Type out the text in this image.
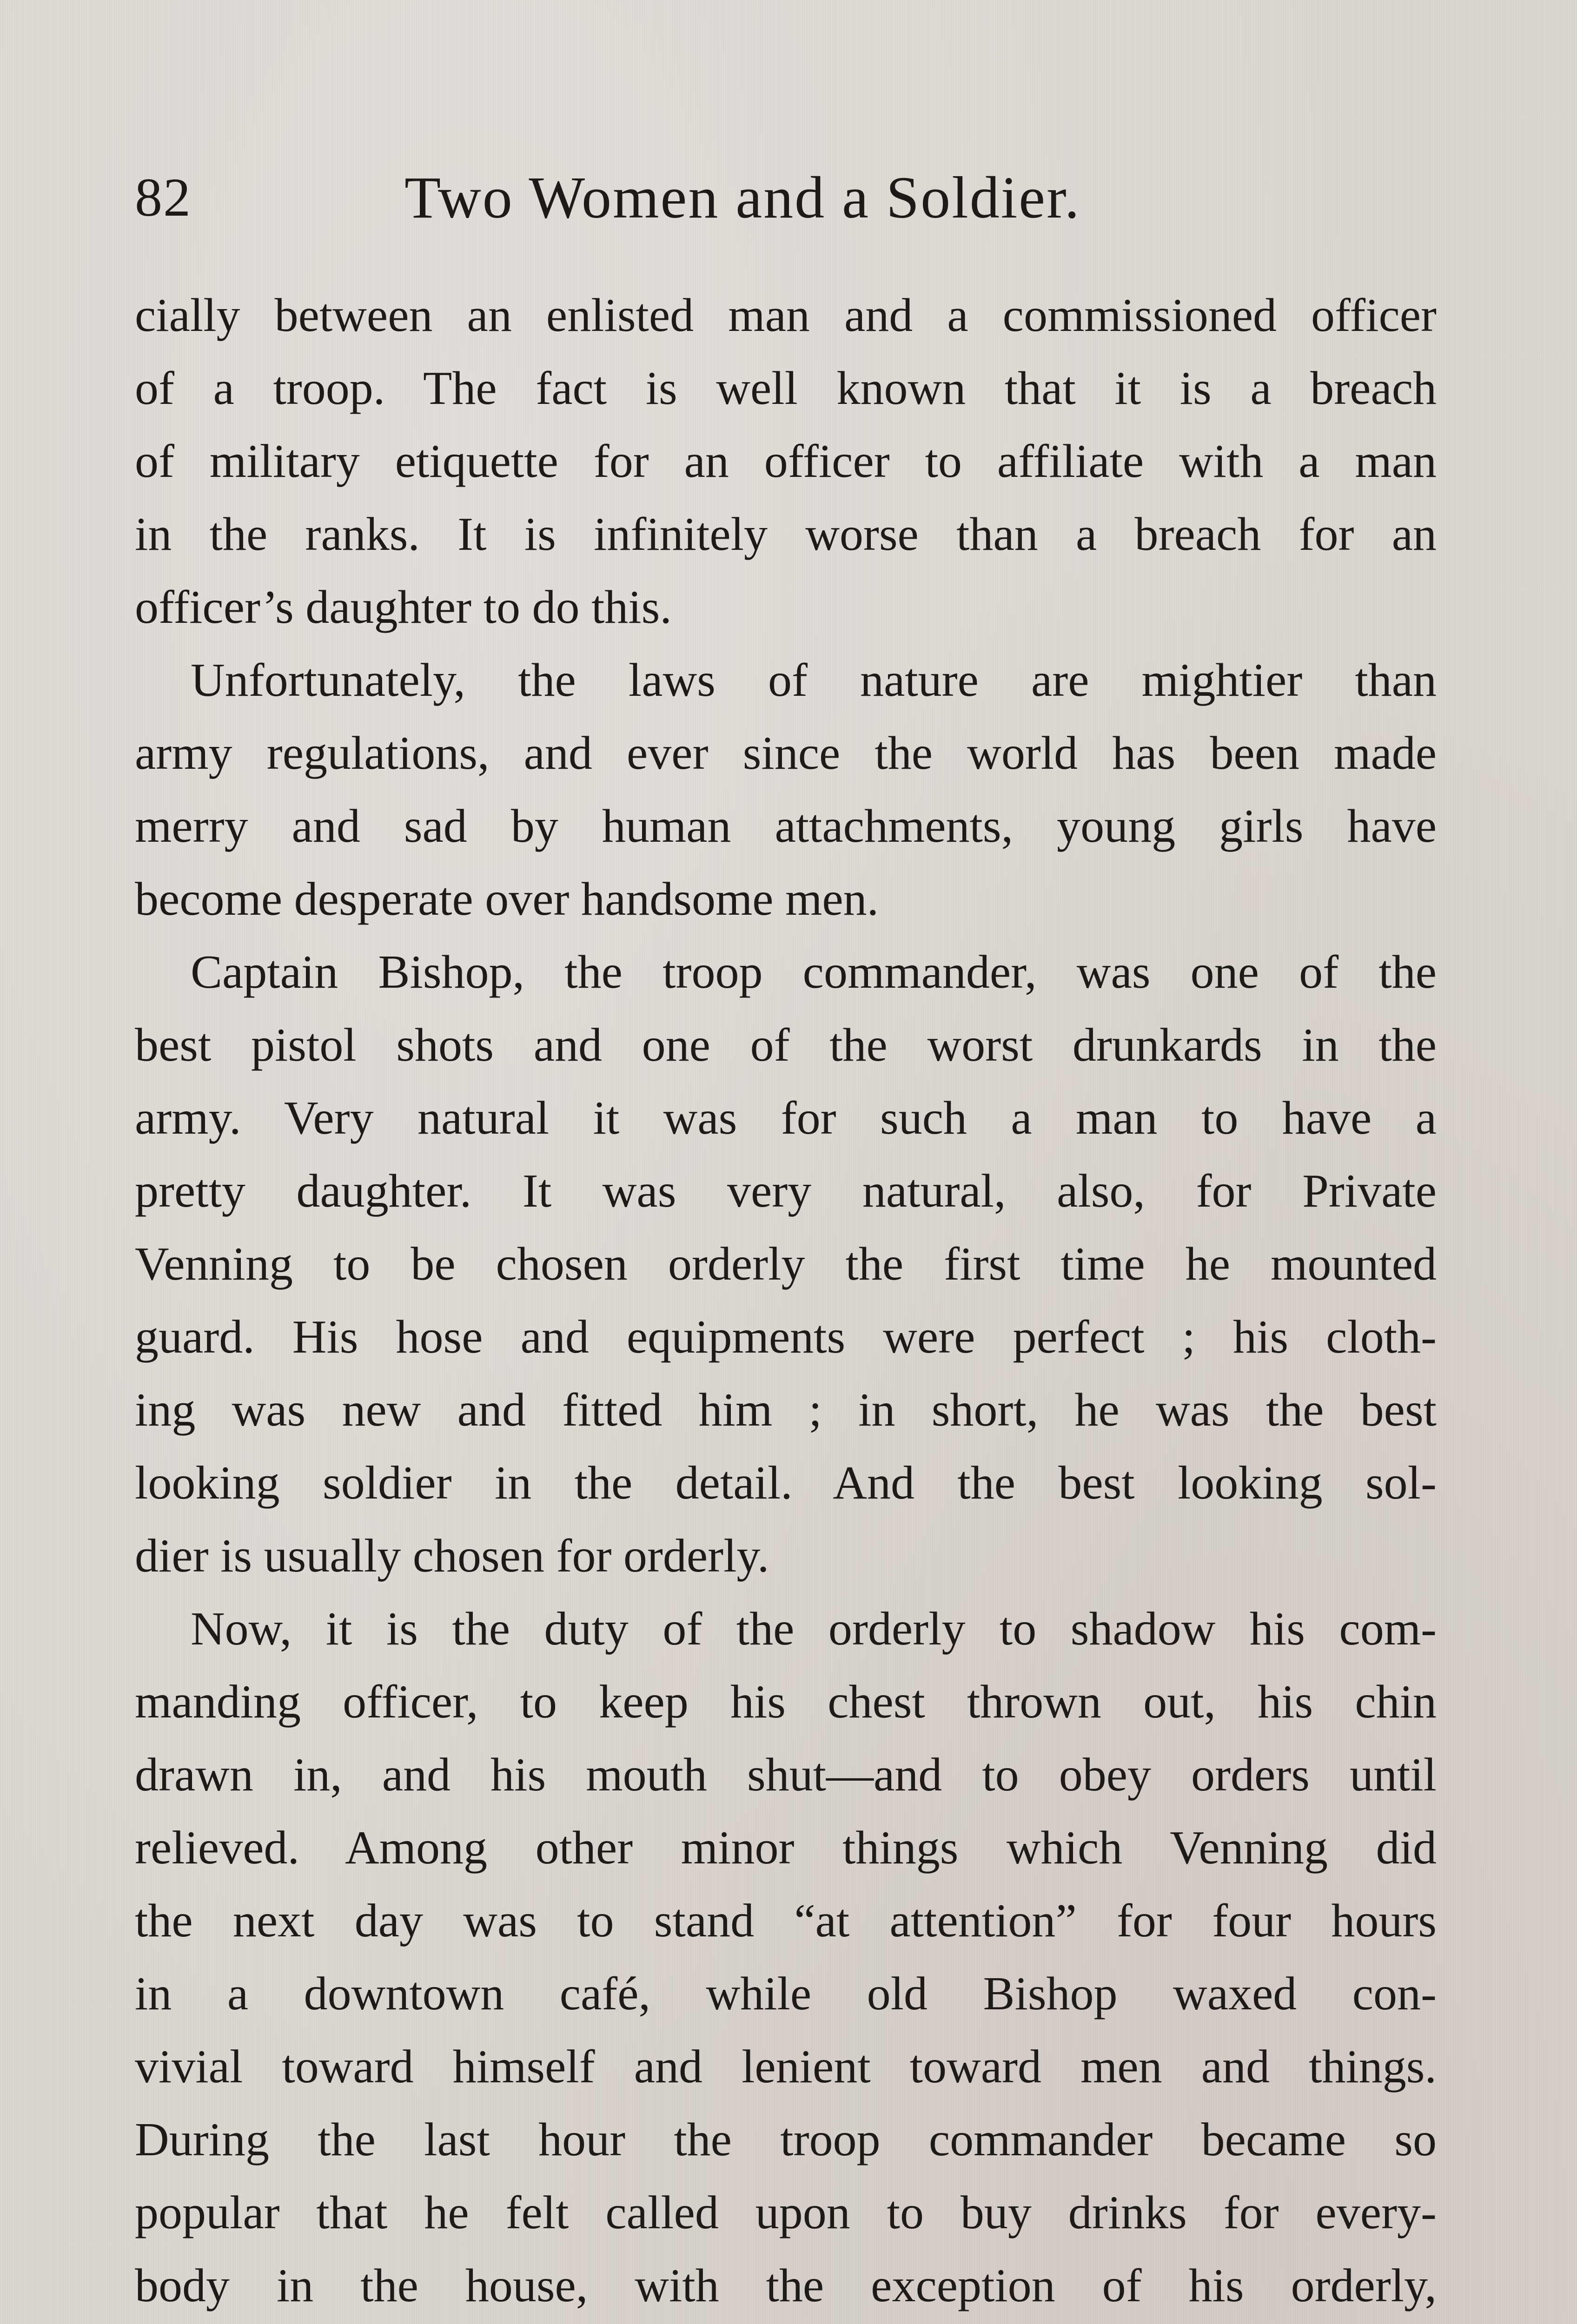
82	Two Women and a Soldier.
cially between an enlisted man and a commissioned officer
of a troop. The fact is well known that it is a breach
of military etiquette for an officer to affiliate with a man
in the ranks. It is infinitely worse than a breach for an
officer’s daughter to do this.
Unfortunately, the laws of nature are mightier than
army regulations, and ever since the world has been made
merry and sad by human attachments, young girls have
become desperate over handsome men.
Captain Bishop, the troop commander, was one of the
best pistol shots and one of the worst drunkards in the
army. Very natural it was for such a man to have a
pretty daughter. It was very natural, also, for Private
Venning to be chosen orderly the first time he mounted
guard. His hose and equipments were perfect ; his cloth-
ing was new and fitted him ; in short, he was the best
looking soldier in the detail. And the best looking sol-
dier is usually chosen for orderly.
Now, it is the duty of the orderly to shadow his com-
manding officer, to keep his chest thrown out, his chin
drawn in, and his mouth shut—and to obey orders until
relieved. Among other minor things which Venning did
the next day was to stand “at attention” for four hours
in a downtown café, while old Bishop waxed con-
vivial toward himself and lenient toward men and things.
During the last hour the troop commander became so
popular that he felt called upon to buy drinks for every-
body in the house, with the exception of his orderly,
